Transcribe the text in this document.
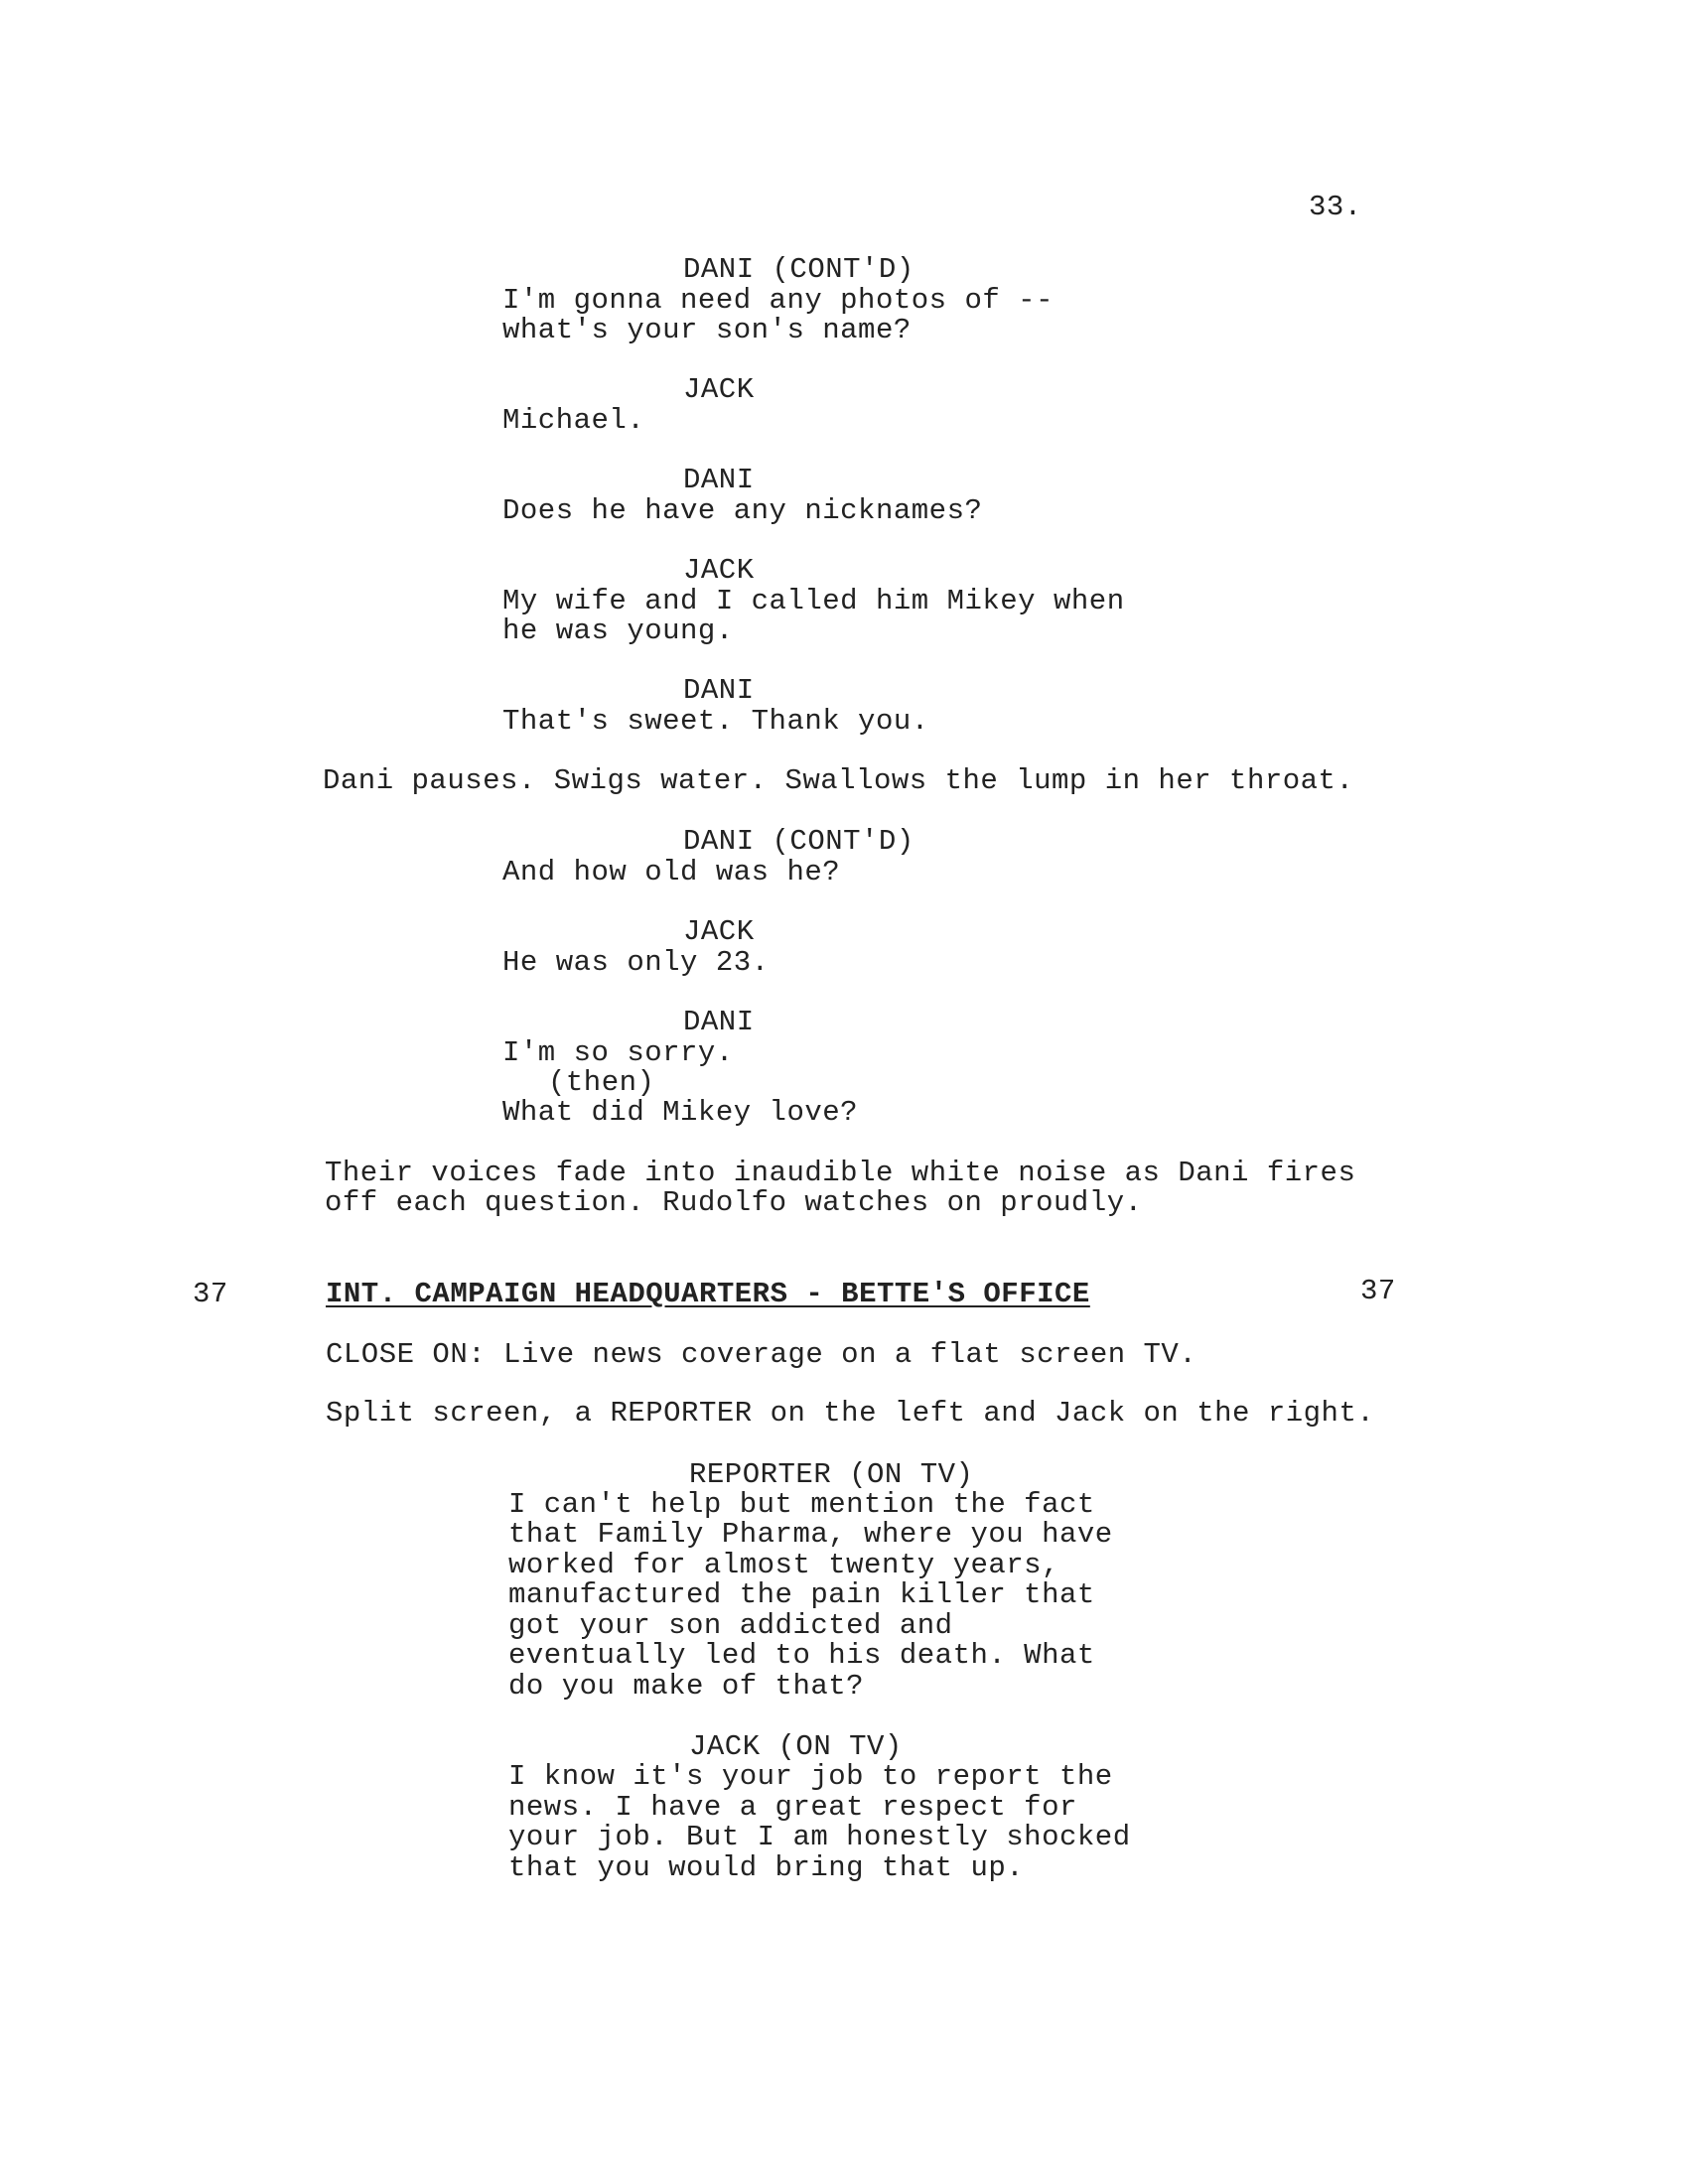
33.
DANI (CONT'D)
I'm gonna need any photos of --
what's your son's name?
JACK
Michael.
DANI
Does he have any nicknames?
JACK
My wife and I called him Mikey when
he was young.
DANI
That's sweet. Thank you.
Dani pauses. Swigs water. Swallows the lump in her throat.
DANI (CONT'D)
And how old was he?
JACK
He was only 23.
DANI
I'm so sorry.
(then)
What did Mikey love?
Their voices fade into inaudible white noise as Dani fires
off each question. Rudolfo watches on proudly.
37	INT. CAMPAIGN HEADQUARTERS - BETTE'S OFFICE	37
CLOSE ON: Live news coverage on a flat screen TV.
Split screen, a REPORTER on the left and Jack on the right.
REPORTER (ON TV)
I can't help but mention the fact
that Family Pharma, where you have
worked for almost twenty years,
manufactured the pain killer that
got your son addicted and
eventually led to his death. What
do you make of that?
JACK (ON TV)
I know it's your job to report the
news. I have a great respect for
your job. But I am honestly shocked
that you would bring that up.
